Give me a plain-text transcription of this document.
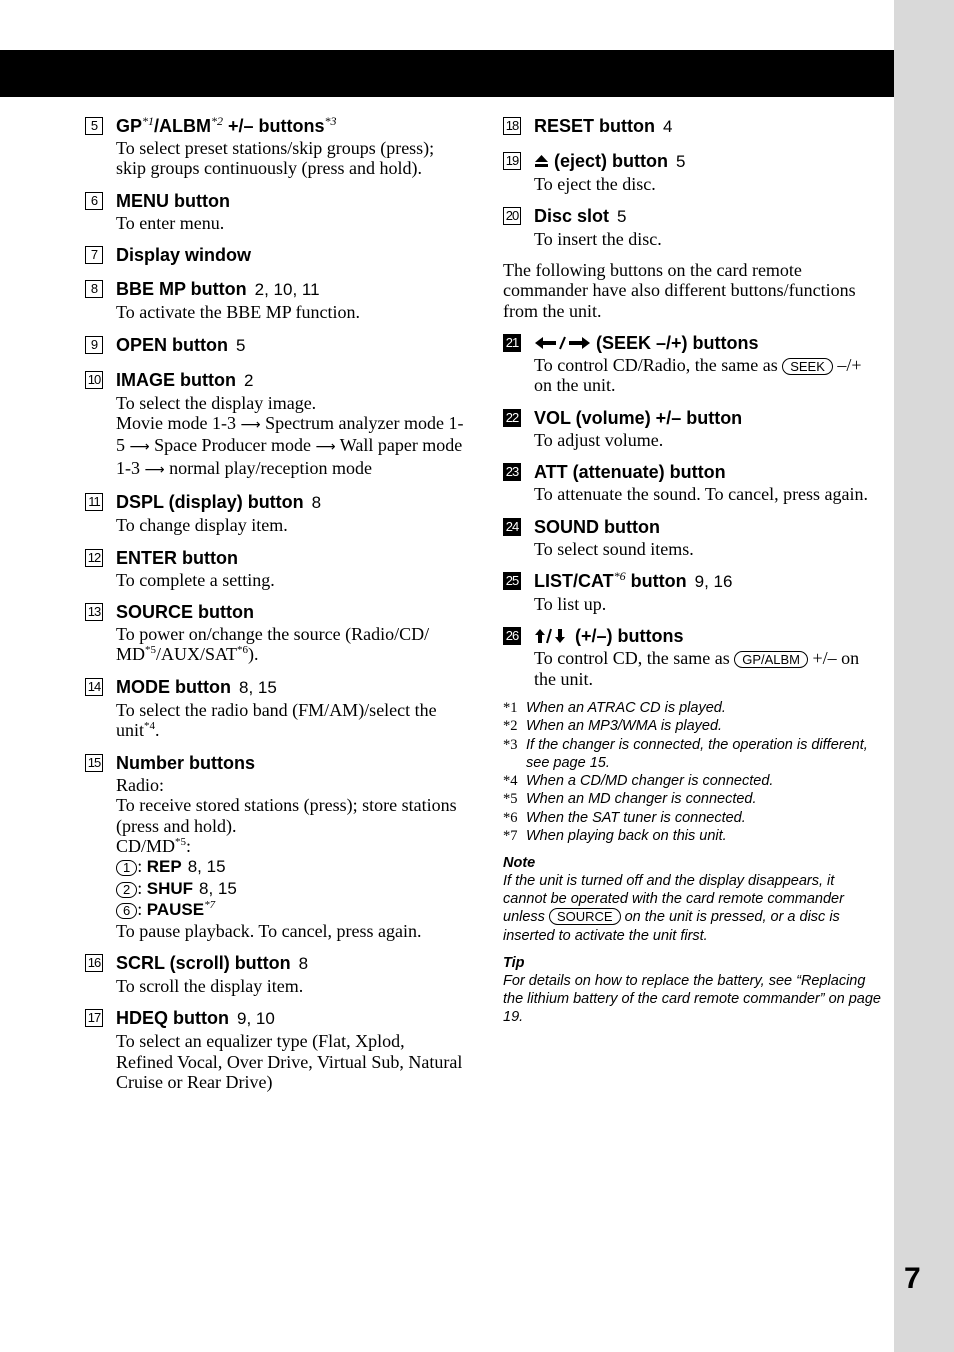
7
5	$GP^{*1}/ALBM^{*2}$ +/– buttons$^{*3}$
To select preset stations/skip groups (press); skip groups continuously (press and hold).
6	MENU button
To enter menu.
7	Display window
8	BBE MP button 2, 10, 11
To activate the BBE MP function.
9	OPEN button 5
10 IMAGE button 2
To select the display image.
Movie mode 1-3 ⟶ Spectrum analyzer mode 1-5 ⟶ Space Producer mode ⟶ Wall paper mode 1-3 ⟶ normal play/reception mode
11 DSPL (display) button 8
To change display item.
12 ENTER button
To complete a setting.
13 SOURCE button
To power on/change the source (Radio/CD/ MD$^{*5}$/AUX/SAT$^{*6}$).
14 MODE button 8, 15
To select the radio band (FM/AM)/select the unit$^{*4}$.
15 Number buttons
Radio:
To receive stored stations (press); store stations (press and hold).
CD/MD$^{*5}$:
1 : REP 8, 15
2 : SHUF 8, 15
6 : PAUSE$^{*7}$
To pause playback. To cancel, press again.
16 SCRL (scroll) button 8
To scroll the display item.
17 HDEQ button 9, 10
To select an equalizer type (Flat, Xplod, Refined Vocal, Over Drive, Virtual Sub, Natural Cruise or Rear Drive)
18 RESET button 4
19	(eject) button 5
To eject the disc.
20 Disc slot 5
To insert the disc.
The following buttons on the card remote commander have also different buttons/functions from the unit.
21	(SEEK –/+) buttons
To control CD/Radio, the same as SEEK –/+ on the unit.
22 VOL (volume) +/– button
To adjust volume.
23 ATT (attenuate) button
To attenuate the sound. To cancel, press again.
24 SOUND button
To select sound items.
25 LIST/CAT$^{*6}$ button 9, 16
To list up.
26	(+/–) buttons
To control CD, the same as GP/ALBM +/– on the unit.
*1 When an ATRAC CD is played.
*2 When an MP3/WMA is played.
*3 If the changer is connected, the operation is different, see page 15.
*4 When a CD/MD changer is connected.
*5 When an MD changer is connected.
*6 When the SAT tuner is connected.
*7 When playing back on this unit.
Note
If the unit is turned off and the display disappears, it cannot be operated with the card remote commander unless SOURCE on the unit is pressed, or a disc is inserted to activate the unit first.
Tip
For details on how to replace the battery, see “Replacing the lithium battery of the card remote commander” on page 19.
